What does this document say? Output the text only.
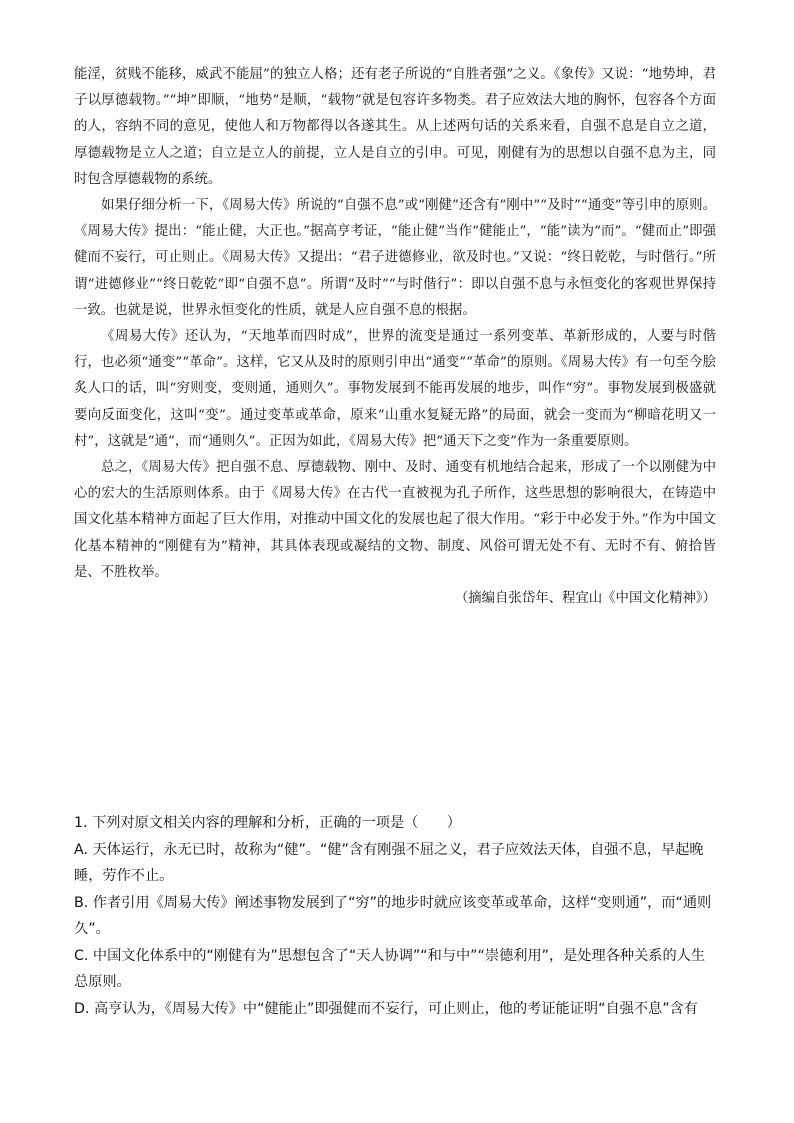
能淫，贫贱不能移，威武不能屈”的独立人格；还有老子所说的“自胜者强”之义。《象传》又说：“地势坤，君子以厚德载物。”“坤”即顺，“地势”是顺，“载物”就是包容许多物类。君子应效法大地的胸怀，包容各个方面的人，容纳不同的意见，使他人和万物都得以各遂其生。从上述两句话的关系来看，自强不息是自立之道，厚德载物是立人之道；自立是立人的前提，立人是自立的引申。可见，刚健有为的思想以自强不息为主，同时包含厚德载物的系统。

如果仔细分析一下，《周易大传》所说的“自强不息”或“刚健”还含有“刚中”“及时”“通变”等引申的原则。《周易大传》提出：“能止健，大正也。”据高亨考证，“能止健”当作“健能止”，“能”读为“而”。“健而止”即强健而不妄行，可止则止。《周易大传》又提出：“君子进德修业，欲及时也。”又说：“终日乾乾，与时偕行。”所谓“进德修业”“终日乾乾”即“自强不息”。所谓“及时”“与时偕行”：即以自强不息与永恒变化的客观世界保持一致。也就是说，世界永恒变化的性质，就是人应自强不息的根据。

《周易大传》还认为，“天地革而四时成”，世界的流变是通过一系列变革、革新形成的，人要与时偕行，也必须“通变”“革命”。这样，它又从及时的原则引申出“通变”“革命”的原则。《周易大传》有一句至今脍炙人口的话，叫“穷则变，变则通，通则久”。事物发展到不能再发展的地步，叫作“穷”。事物发展到极盛就要向反面变化，这叫“变”。通过变革或革命，原来“山重水复疑无路”的局面，就会一变而为“柳暗花明又一村”，这就是“通”，而“通则久”。正因为如此，《周易大传》把“通天下之变”作为一条重要原则。

总之，《周易大传》把自强不息、厚德载物、刚中、及时、通变有机地结合起来，形成了一个以刚健为中心的宏大的生活原则体系。由于《周易大传》在古代一直被视为孔子所作，这些思想的影响很大，在铸造中国文化基本精神方面起了巨大作用，对推动中国文化的发展也起了很大作用。“彩于中必发于外。”作为中国文化基本精神的“刚健有为”精神，其具体表现或凝结的文物、制度、风俗可谓无处不有、无时不有、俯拾皆是、不胜枚举。

（摘编自张岱年、程宜山《中国文化精神》）

1. 下列对原文相关内容的理解和分析，正确的一项是（　　）

A. 天体运行，永无已时，故称为“健”。“健”含有刚强不屈之义，君子应效法天体，自强不息，早起晚睡，劳作不止。

B. 作者引用《周易大传》阐述事物发展到了“穷”的地步时就应该变革或革命，这样“变则通”，而“通则久”。

C. 中国文化体系中的“刚健有为”思想包含了“天人协调”“和与中”“崇德利用”，是处理各种关系的人生总原则。

D. 高亨认为，《周易大传》中“健能止”即强健而不妄行，可止则止，他的考证能证明“自强不息”含有
